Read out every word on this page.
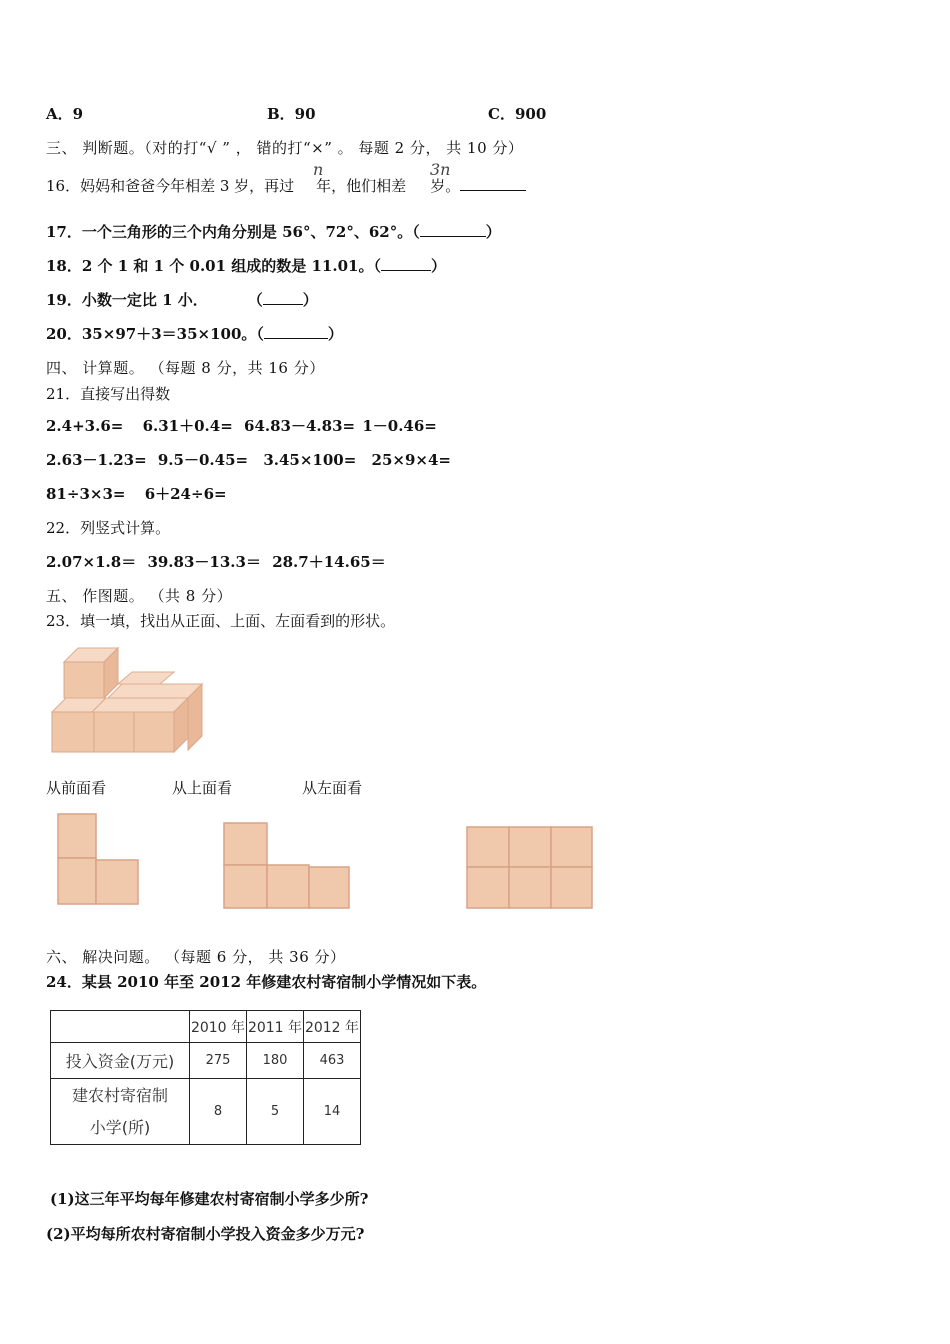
A．9	B．90	C．900
三、 判断题。（对的打“√ ” ， 错的打“×” 。 每题 2 分， 共 10 分）
16．妈妈和爸爸今年相差 3 岁，再过 年，他们相差 岁。
n	3n
17．一个三角形的三个内角分别是 56°、72°、62°。（	）
18．2 个 1 和 1 个 0.01 组成的数是 11.01。（	）
19．小数一定比 1 小．	（	）
20．35×97＋3＝35×100。（	）
四、 计算题。 （每题 8 分，共 16 分）
21．直接写出得数
2.4+3.6= 6.31＋0.4= 64.83－4.83= 1－0.46=
2.63－1.23= 9.5－0.45= 3.45×100= 25×9×4=
81÷3×3= 6＋24÷6=
22．列竖式计算。
2.07×1.8＝ 39.83－13.3＝ 28.7＋14.65＝
五、 作图题。 （共 8 分）
23．填一填，找出从正面、上面、左面看到的形状。
从前面看	从上面看	从左面看
六、 解决问题。 （每题 6 分， 共 36 分）
24．某县 2010 年至 2012 年修建农村寄宿制小学情况如下表。
	2010 年	2011 年	2012 年
投入资金(万元)	275	180	463

建农村寄宿制
小学(所)	8	5	14
(1)这三年平均每年修建农村寄宿制小学多少所?
(2)平均每所农村寄宿制小学投入资金多少万元?
